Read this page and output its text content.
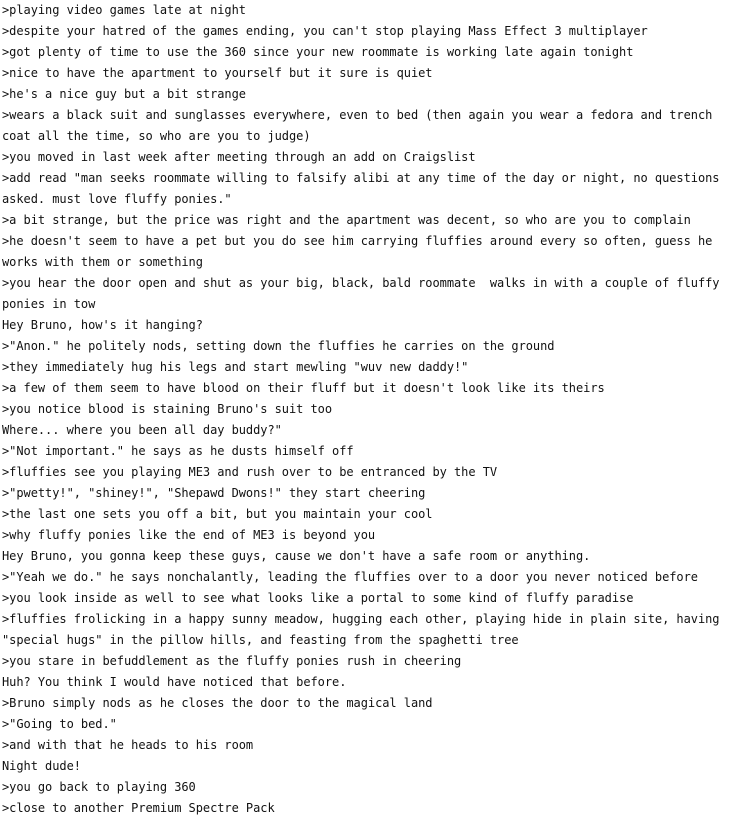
>playing video games late at night
>despite your hatred of the games ending, you can't stop playing Mass Effect 3 multiplayer
>got plenty of time to use the 360 since your new roommate is working late again tonight
>nice to have the apartment to yourself but it sure is quiet
>he's a nice guy but a bit strange
>wears a black suit and sunglasses everywhere, even to bed (then again you wear a fedora and trench coat all the time, so who are you to judge)
>you moved in last week after meeting through an add on Craigslist
>add read "man seeks roommate willing to falsify alibi at any time of the day or night, no questions asked. must love fluffy ponies."
>a bit strange, but the price was right and the apartment was decent, so who are you to complain
>he doesn't seem to have a pet but you do see him carrying fluffies around every so often, guess he works with them or something
>you hear the door open and shut as your big, black, bald roommate  walks in with a couple of fluffy ponies in tow
Hey Bruno, how's it hanging?
>"Anon." he politely nods, setting down the fluffies he carries on the ground
>they immediately hug his legs and start mewling "wuv new daddy!"
>a few of them seem to have blood on their fluff but it doesn't look like its theirs
>you notice blood is staining Bruno's suit too
Where... where you been all day buddy?"
>"Not important." he says as he dusts himself off
>fluffies see you playing ME3 and rush over to be entranced by the TV
>"pwetty!", "shiney!", "Shepawd Dwons!" they start cheering
>the last one sets you off a bit, but you maintain your cool
>why fluffy ponies like the end of ME3 is beyond you
Hey Bruno, you gonna keep these guys, cause we don't have a safe room or anything.
>"Yeah we do." he says nonchalantly, leading the fluffies over to a door you never noticed before
>you look inside as well to see what looks like a portal to some kind of fluffy paradise
>fluffies frolicking in a happy sunny meadow, hugging each other, playing hide in plain site, having "special hugs" in the pillow hills, and feasting from the spaghetti tree
>you stare in befuddlement as the fluffy ponies rush in cheering
Huh? You think I would have noticed that before.
>Bruno simply nods as he closes the door to the magical land
>"Going to bed."
>and with that he heads to his room
Night dude!
>you go back to playing 360
>close to another Premium Spectre Pack
